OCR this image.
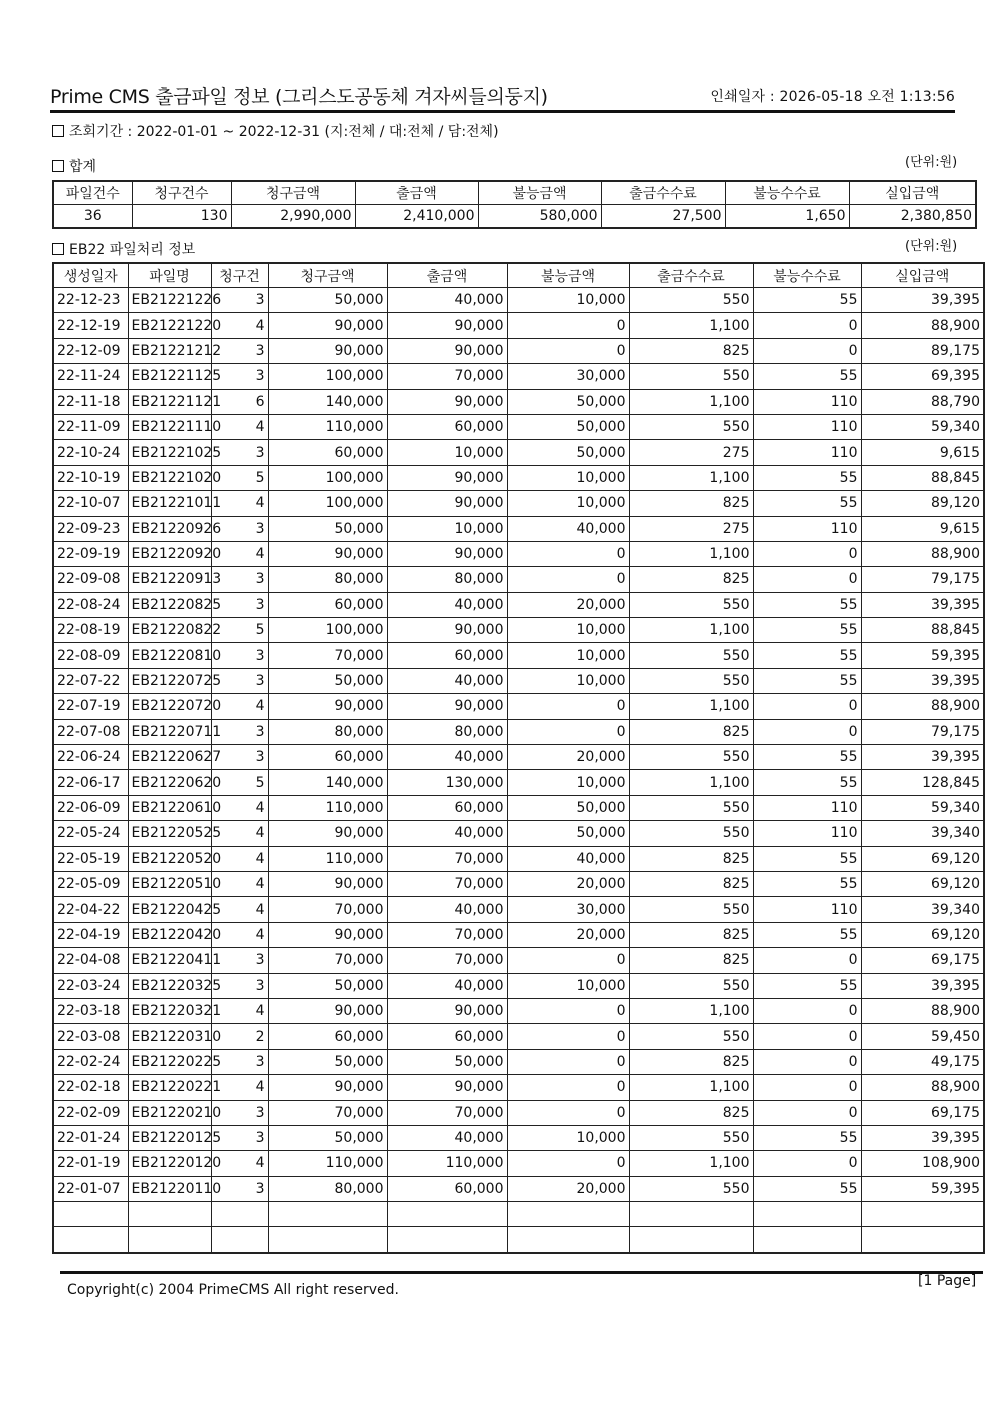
Prime CMS 출금파일 정보 (그리스도공동체 겨자씨들의둥지)	인쇄일자 : 2026-05-18 오전 1:13:56
조회기간 : 2022-01-01 ~ 2022-12-31 (지:전체 / 대:전체 / 담:전체)
합계	(단위:원)
파일건수	청구건수	청구금액	출금액	불능금액	출금수수료	불능수수료	실입금액
36	130	2,990,000	2,410,000	580,000	27,500	1,650	2,380,850
EB22 파일처리 정보	(단위:원)
생성일자	파일명	청구건	청구금액	출금액	불능금액	출금수수료	불능수수료	실입금액
22-12-23	EB21221226	3	50,000	40,000	10,000	550	55	39,395
22-12-19	EB21221220	4	90,000	90,000	0	1,100	0	88,900
22-12-09	EB21221212	3	90,000	90,000	0	825	0	89,175
22-11-24	EB21221125	3	100,000	70,000	30,000	550	55	69,395
22-11-18	EB21221121	6	140,000	90,000	50,000	1,100	110	88,790
22-11-09	EB21221110	4	110,000	60,000	50,000	550	110	59,340
22-10-24	EB21221025	3	60,000	10,000	50,000	275	110	9,615
22-10-19	EB21221020	5	100,000	90,000	10,000	1,100	55	88,845
22-10-07	EB21221011	4	100,000	90,000	10,000	825	55	89,120
22-09-23	EB21220926	3	50,000	10,000	40,000	275	110	9,615
22-09-19	EB21220920	4	90,000	90,000	0	1,100	0	88,900
22-09-08	EB21220913	3	80,000	80,000	0	825	0	79,175
22-08-24	EB21220825	3	60,000	40,000	20,000	550	55	39,395
22-08-19	EB21220822	5	100,000	90,000	10,000	1,100	55	88,845
22-08-09	EB21220810	3	70,000	60,000	10,000	550	55	59,395
22-07-22	EB21220725	3	50,000	40,000	10,000	550	55	39,395
22-07-19	EB21220720	4	90,000	90,000	0	1,100	0	88,900
22-07-08	EB21220711	3	80,000	80,000	0	825	0	79,175
22-06-24	EB21220627	3	60,000	40,000	20,000	550	55	39,395
22-06-17	EB21220620	5	140,000	130,000	10,000	1,100	55	128,845
22-06-09	EB21220610	4	110,000	60,000	50,000	550	110	59,340
22-05-24	EB21220525	4	90,000	40,000	50,000	550	110	39,340
22-05-19	EB21220520	4	110,000	70,000	40,000	825	55	69,120
22-05-09	EB21220510	4	90,000	70,000	20,000	825	55	69,120
22-04-22	EB21220425	4	70,000	40,000	30,000	550	110	39,340
22-04-19	EB21220420	4	90,000	70,000	20,000	825	55	69,120
22-04-08	EB21220411	3	70,000	70,000	0	825	0	69,175
22-03-24	EB21220325	3	50,000	40,000	10,000	550	55	39,395
22-03-18	EB21220321	4	90,000	90,000	0	1,100	0	88,900
22-03-08	EB21220310	2	60,000	60,000	0	550	0	59,450
22-02-24	EB21220225	3	50,000	50,000	0	825	0	49,175
22-02-18	EB21220221	4	90,000	90,000	0	1,100	0	88,900
22-02-09	EB21220210	3	70,000	70,000	0	825	0	69,175
22-01-24	EB21220125	3	50,000	40,000	10,000	550	55	39,395
22-01-19	EB21220120	4	110,000	110,000	0	1,100	0	108,900
22-01-07	EB21220110	3	80,000	60,000	20,000	550	55	59,395

Copyright(c) 2004 PrimeCMS All right reserved.
[1 Page]
